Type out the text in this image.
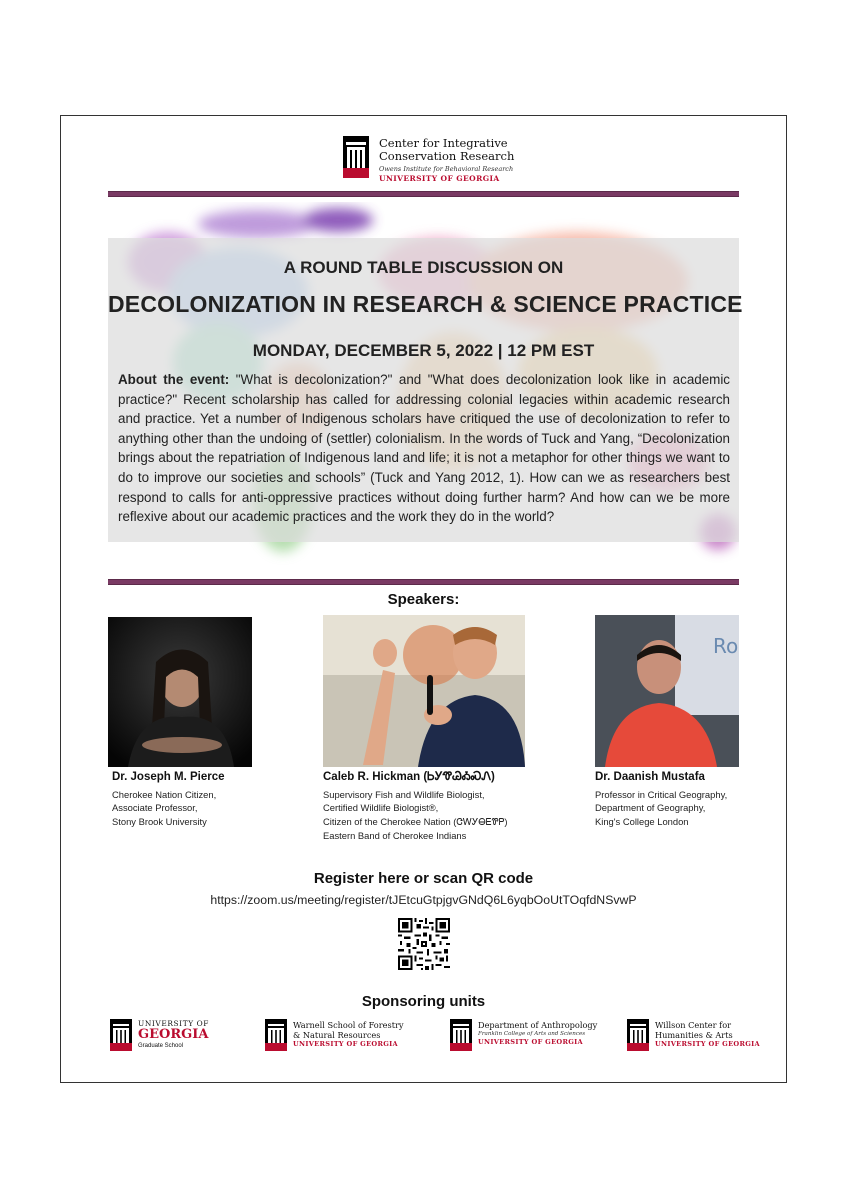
Center for Integrative
Conservation Research
Owens Institute for Behavioral Research
UNIVERSITY OF GEORGIA
A ROUND TABLE DISCUSSION ON
DECOLONIZATION IN RESEARCH & SCIENCE PRACTICE
MONDAY, DECEMBER 5, 2022 | 12 PM EST
About the event: "What is decolonization?" and "What does decolonization look like in academic practice?" Recent scholarship has called for addressing colonial legacies within academic research and practice. Yet a number of Indigenous scholars have critiqued the use of decolonization to refer to anything other than the undoing of (settler) colonialism. In the words of Tuck and Yang, “Decolonization brings about the repatriation of Indigenous land and life; it is not a metaphor for other things we want to do to improve our societies and schools” (Tuck and Yang 2012, 1). How can we as researchers best respond to calls for anti-oppressive practices without doing further harm? And how can we be more reflexive about our academic practices and the work they do in the world?
Speakers:
Ro
Dr. Joseph M. Pierce
Cherokee Nation Citizen,
Associate Professor,
Stony Brook University
Caleb R. Hickman (ᏏᎩᏡᏊᎣᏍᏁ)
Supervisory Fish and Wildlife Biologist,
Certified Wildlife Biologist®,
Citizen of the Cherokee Nation (ᏣᎳᎩᎾᎬᏈᏢ)
Eastern Band of Cherokee Indians
Dr. Daanish Mustafa
Professor in Critical Geography,
Department of Geography,
King's College London
Register here or scan QR code
https://zoom.us/meeting/register/tJEtcuGtpjgvGNdQ6L6yqbOoUtTOqfdNSvwP
Sponsoring units
UNIVERSITY OF
GEORGIA
Graduate School
Warnell School of Forestry
& Natural Resources
UNIVERSITY OF GEORGIA
Department of Anthropology
Franklin College of Arts and Sciences
UNIVERSITY OF GEORGIA
Willson Center for
Humanities & Arts
UNIVERSITY OF GEORGIA
